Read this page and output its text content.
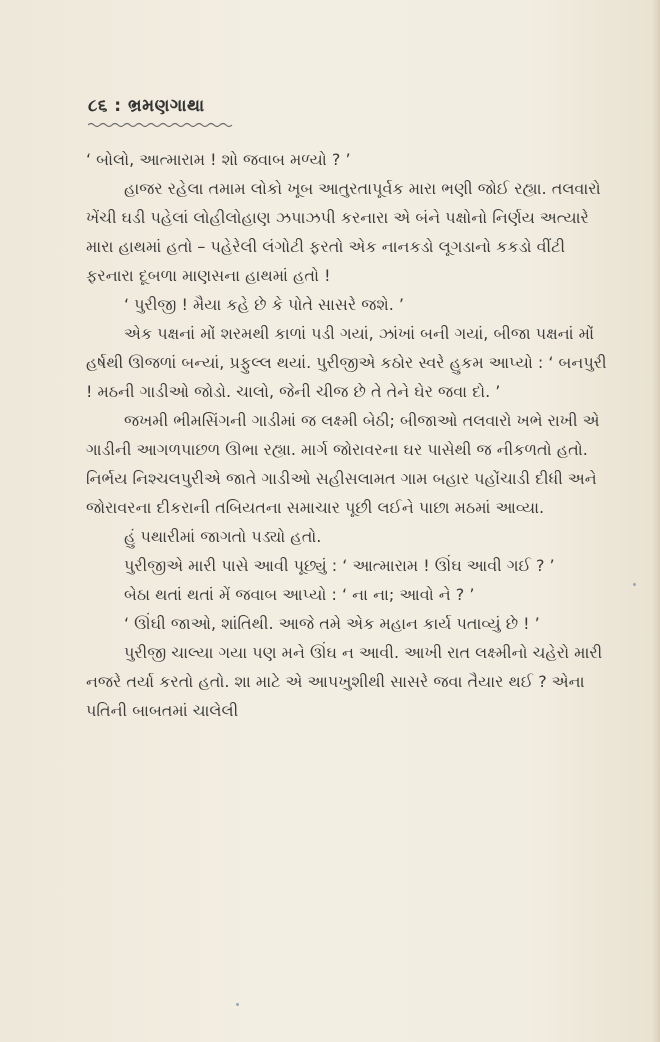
૮૬ : ભ્રમણગાથા

‘ બોલો, આત્મારામ ! શો જવાબ મળ્યો ? ’

હાજર રહેલા તમામ લોકો ખૂબ આતુરતાપૂર્વક મારા ભણી જોઈ રહ્યા. તલવારો ખેંચી ઘડી પહેલાં લોહીલોહાણ ઝપાઝપી કરનારા એ બંને પક્ષોનો નિર્ણય અત્યારે મારા હાથમાં હતો – પહેરેલી લંગોટી ફરતો એક નાનકડો લૂગડાનો કકડો વીંટી ફરનારા દૂબળા માણસના હાથમાં હતો !

‘ પુરીજી ! મૈયા કહે છે કે પોતે સાસરે જશે. ’

એક પક્ષનાં મોં શરમથી કાળાં પડી ગયાં, ઝાંખાં બની ગયાં, બીજા પક્ષનાં મોં હર્ષથી ઊજળાં બન્યાં, પ્રફુલ્લ થયાં. પુરીજીએ કઠોર સ્વરે હુકમ આપ્યો : ‘ બનપુરી ! મઠની ગાડીઓ જોડો. ચાલો, જેની ચીજ છે તે તેને ઘેર જવા દો. ’

જખમી ભીમસિંગની ગાડીમાં જ લક્ષ્મી બેઠી; બીજાઓ તલવારો ખભે રાખી એ ગાડીની આગળપાછળ ઊભા રહ્યા. માર્ગ જોરાવરના ઘર પાસેથી જ નીકળતો હતો. નિર્ભય નિશ્ચલપુરીએ જાતે ગાડીઓ સહીસલામત ગામ બહાર પહોંચાડી દીધી અને જોરાવરના દીકરાની તબિયતના સમાચાર પૂછી લઈને પાછા મઠમાં આવ્યા.

હું પથારીમાં જાગતો પડ્યો હતો.

પુરીજીએ મારી પાસે આવી પૂછ્યું : ‘ આત્મારામ ! ઊંઘ આવી ગઈ ? ’

બેઠા થતાં થતાં મેં જવાબ આપ્યો : ‘ ના ના; આવો ને ? ’

‘ ઊંઘી જાઓ, શાંતિથી. આજે તમે એક મહાન કાર્ય પતાવ્યું છે ! ’

પુરીજી ચાલ્યા ગયા પણ મને ઊંઘ ન આવી. આખી રાત લક્ષ્મીનો ચહેરો મારી નજરે તર્યા કરતો હતો. શા માટે એ આપખુશીથી સાસરે જવા તૈયાર થઈ ? એના પતિની બાબતમાં ચાલેલી
